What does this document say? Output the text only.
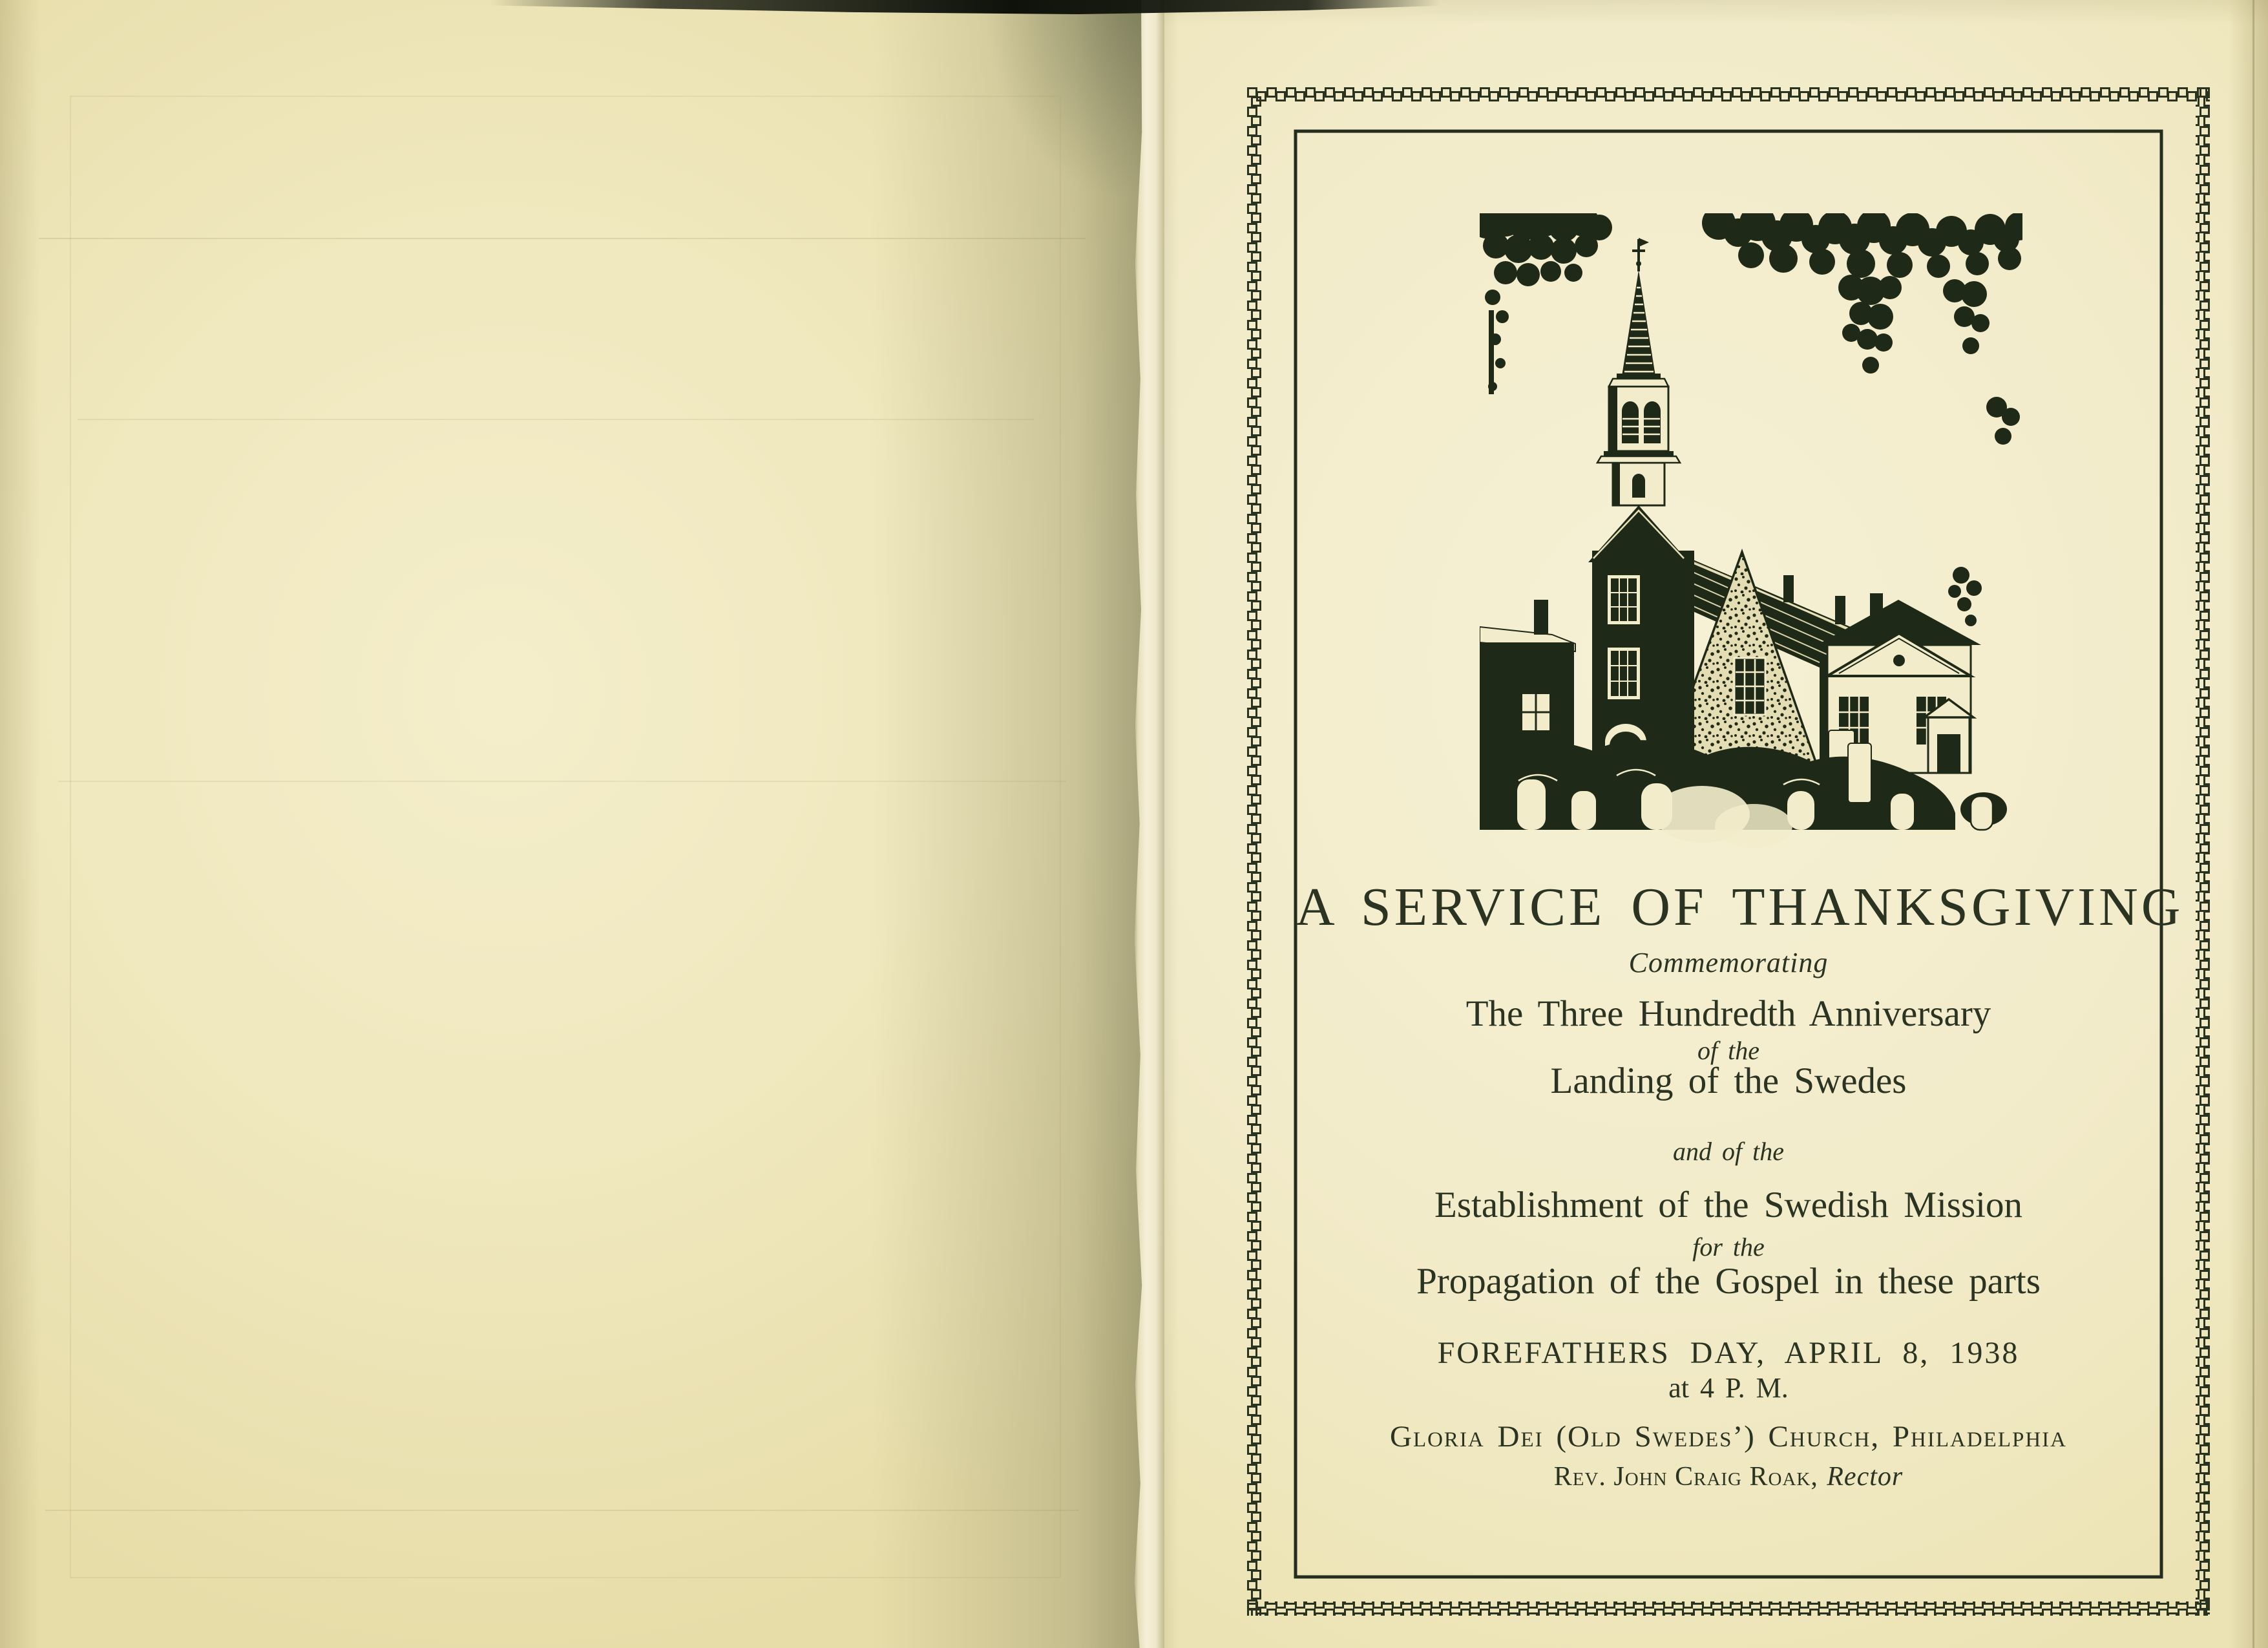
A SERVICE OF THANKSGIVING
Commemorating
The Three Hundredth Anniversary
of the
Landing of the Swedes
and of the
Establishment of the Swedish Mission
for the
Propagation of the Gospel in these parts
FOREFATHERS DAY, APRIL 8, 1938
at 4 P. M.
Gloria Dei (Old Swedes’) Church, Philadelphia
Rev. John Craig Roak, Rector
